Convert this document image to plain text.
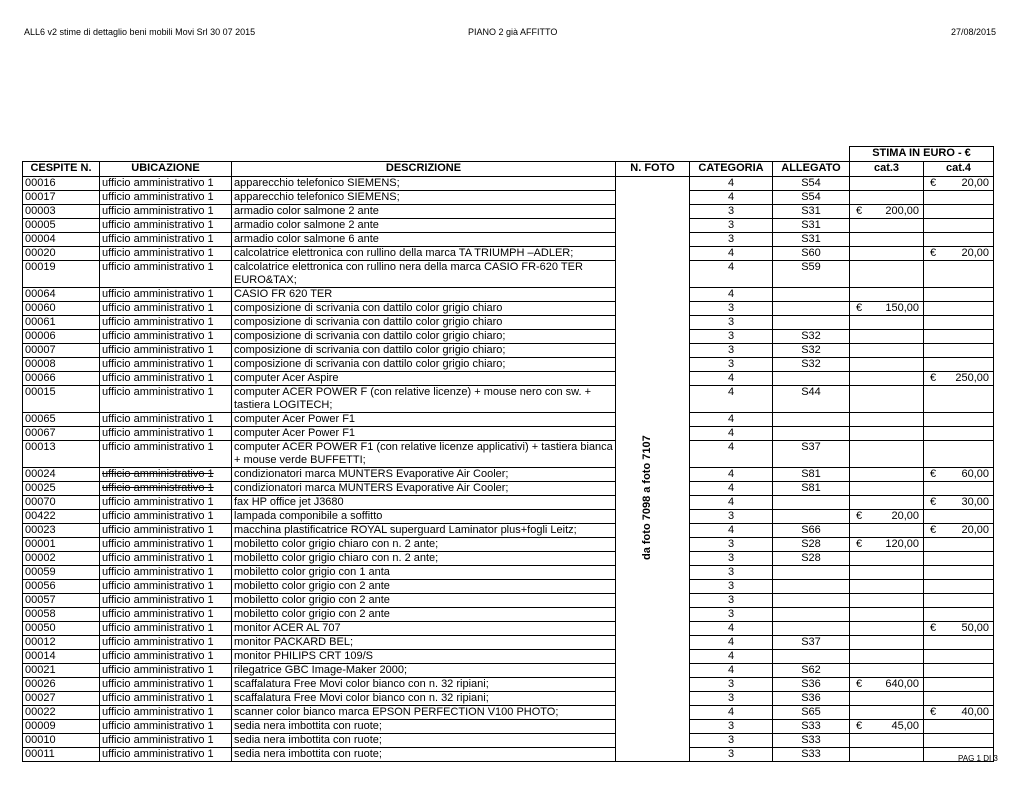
ALL6 v2 stime di dettaglio beni mobili Movi Srl 30 07 2015	PIANO 2 già AFFITTO	27/08/2015
						STIMA IN EURO - €	
CESPITE N.	UBICAZIONE	DESCRIZIONE	N. FOTO	CATEGORIA	ALLEGATO	cat.3	cat.4
00016	ufficio amministrativo 1	apparecchio telefonico SIEMENS;		4	S54		€ 20,00

00017	ufficio amministrativo 1	apparecchio telefonico SIEMENS;		4	S54		
00003	ufficio amministrativo 1	armadio color salmone 2 ante		3	S31	€ 200,00	

00005	ufficio amministrativo 1	armadio color salmone 2 ante		3	S31		
00004	ufficio amministrativo 1	armadio color salmone 6 ante		3	S31		
00020	ufficio amministrativo 1	calcolatrice elettronica con rullino della marca TA TRIUMPH –ADLER;		4	S60		€ 20,00

00019	ufficio amministrativo 1	calcolatrice elettronica con rullino nera della marca CASIO FR-620 TER EURO&TAX;		4	S59		
00064	ufficio amministrativo 1	CASIO FR 620 TER		4			
00060	ufficio amministrativo 1	composizione di scrivania con dattilo color grigio chiaro		3		€ 150,00	

00061	ufficio amministrativo 1	composizione di scrivania con dattilo color grigio chiaro		3			
00006	ufficio amministrativo 1	composizione di scrivania con dattilo color grigio chiaro;		3	S32		
00007	ufficio amministrativo 1	composizione di scrivania con dattilo color grigio chiaro;		3	S32		
00008	ufficio amministrativo 1	composizione di scrivania con dattilo color grigio chiaro;		3	S32		
00066	ufficio amministrativo 1	computer Acer Aspire		4			€ 250,00

00015	ufficio amministrativo 1	computer ACER POWER F (con relative licenze) + mouse nero con sw. + tastiera LOGITECH;		4	S44		
00065	ufficio amministrativo 1	computer Acer Power F1		4			
00067	ufficio amministrativo 1	computer Acer Power F1		4			
00013	ufficio amministrativo 1	computer ACER POWER F1 (con relative licenze applicativi) + tastiera bianca + mouse verde BUFFETTI;		4	S37		
00024	ufficio amministrativo 1	condizionatori marca MUNTERS Evaporative Air Cooler;		4	S81		€ 60,00

00025	ufficio amministrativo 1	condizionatori marca MUNTERS Evaporative Air Cooler;		4	S81		
00070	ufficio amministrativo 1	fax HP office jet J3680		4			€ 30,00

00422	ufficio amministrativo 1	lampada componibile a soffitto		3		€ 20,00	

00023	ufficio amministrativo 1	macchina plastificatrice ROYAL superguard Laminator plus+fogli Leitz;		4	S66		€ 20,00

00001	ufficio amministrativo 1	mobiletto color grigio chiaro con n. 2 ante;		3	S28	€ 120,00	

00002	ufficio amministrativo 1	mobiletto color grigio chiaro con n. 2 ante;		3	S28		
00059	ufficio amministrativo 1	mobiletto color grigio con 1 anta		3			
00056	ufficio amministrativo 1	mobiletto color grigio con 2 ante		3			
00057	ufficio amministrativo 1	mobiletto color grigio con 2 ante		3			
00058	ufficio amministrativo 1	mobiletto color grigio con 2 ante		3			
00050	ufficio amministrativo 1	monitor ACER AL 707		4			€ 50,00

00012	ufficio amministrativo 1	monitor PACKARD BEL;		4	S37		
00014	ufficio amministrativo 1	monitor PHILIPS CRT 109/S		4			
00021	ufficio amministrativo 1	rilegatrice GBC Image-Maker 2000;		4	S62		
00026	ufficio amministrativo 1	scaffalatura Free Movi color bianco con n. 32 ripiani;		3	S36	€ 640,00	

00027	ufficio amministrativo 1	scaffalatura Free Movi color bianco con n. 32 ripiani;		3	S36		
00022	ufficio amministrativo 1	scanner color bianco marca EPSON PERFECTION V100 PHOTO;		4	S65		€ 40,00

00009	ufficio amministrativo 1	sedia nera imbottita con ruote;		3	S33	€ 45,00	

00010	ufficio amministrativo 1	sedia nera imbottita con ruote;		3	S33		
00011	ufficio amministrativo 1	sedia nera imbottita con ruote;		3	S33		
da foto 7098 a foto 7107
PAG 1 DI 3
